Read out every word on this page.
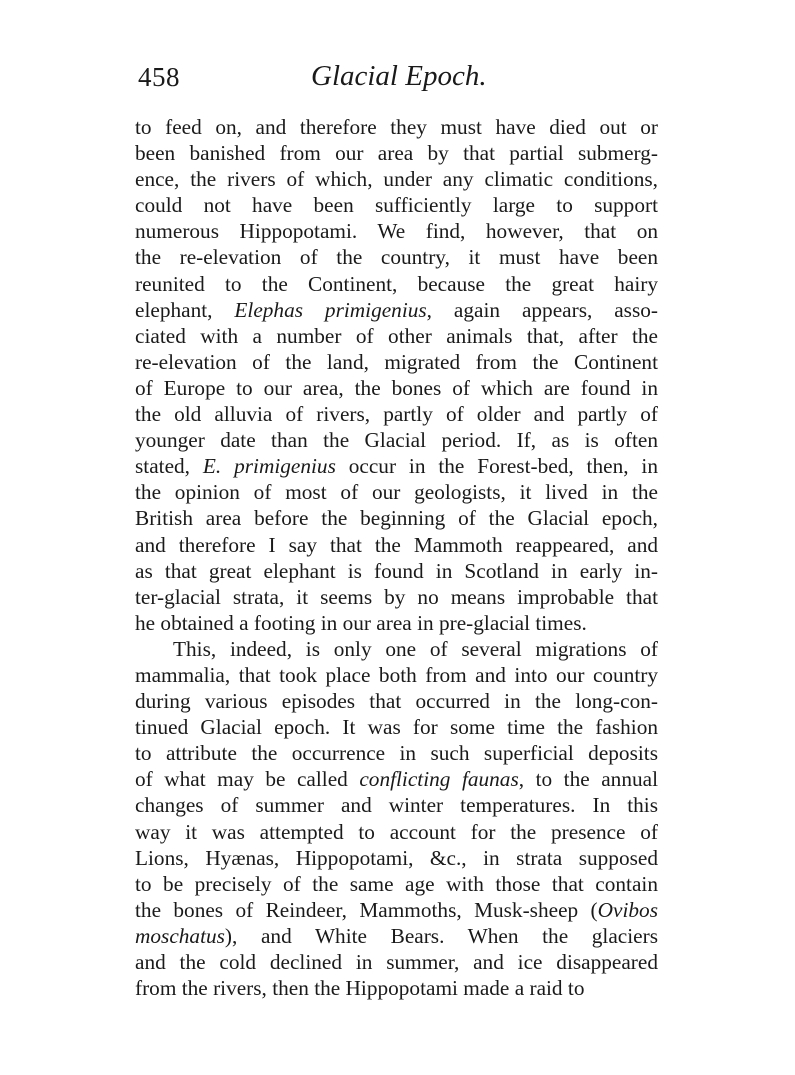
458	Glacial Epoch.
to feed on, and therefore they must have died out or
been banished from our area by that partial submerg-
ence, the rivers of which, under any climatic conditions,
could not have been sufficiently large to support
numerous Hippopotami. We find, however, that on
the re-elevation of the country, it must have been
reunited to the Continent, because the great hairy
elephant, Elephas primigenius, again appears, asso-
ciated with a number of other animals that, after the
re-elevation of the land, migrated from the Continent
of Europe to our area, the bones of which are found in
the old alluvia of rivers, partly of older and partly of
younger date than the Glacial period. If, as is often
stated, E. primigenius occur in the Forest-bed, then, in
the opinion of most of our geologists, it lived in the
British area before the beginning of the Glacial epoch,
and therefore I say that the Mammoth reappeared, and
as that great elephant is found in Scotland in early in-
ter-glacial strata, it seems by no means improbable that
he obtained a footing in our area in pre-glacial times.
This, indeed, is only one of several migrations of
mammalia, that took place both from and into our country
during various episodes that occurred in the long-con-
tinued Glacial epoch. It was for some time the fashion
to attribute the occurrence in such superficial deposits
of what may be called conflicting faunas, to the annual
changes of summer and winter temperatures. In this
way it was attempted to account for the presence of
Lions, Hyænas, Hippopotami, &c., in strata supposed
to be precisely of the same age with those that contain
the bones of Reindeer, Mammoths, Musk-sheep (Ovibos
moschatus), and White Bears. When the glaciers
and the cold declined in summer, and ice disappeared
from the rivers, then the Hippopotami made a raid to
